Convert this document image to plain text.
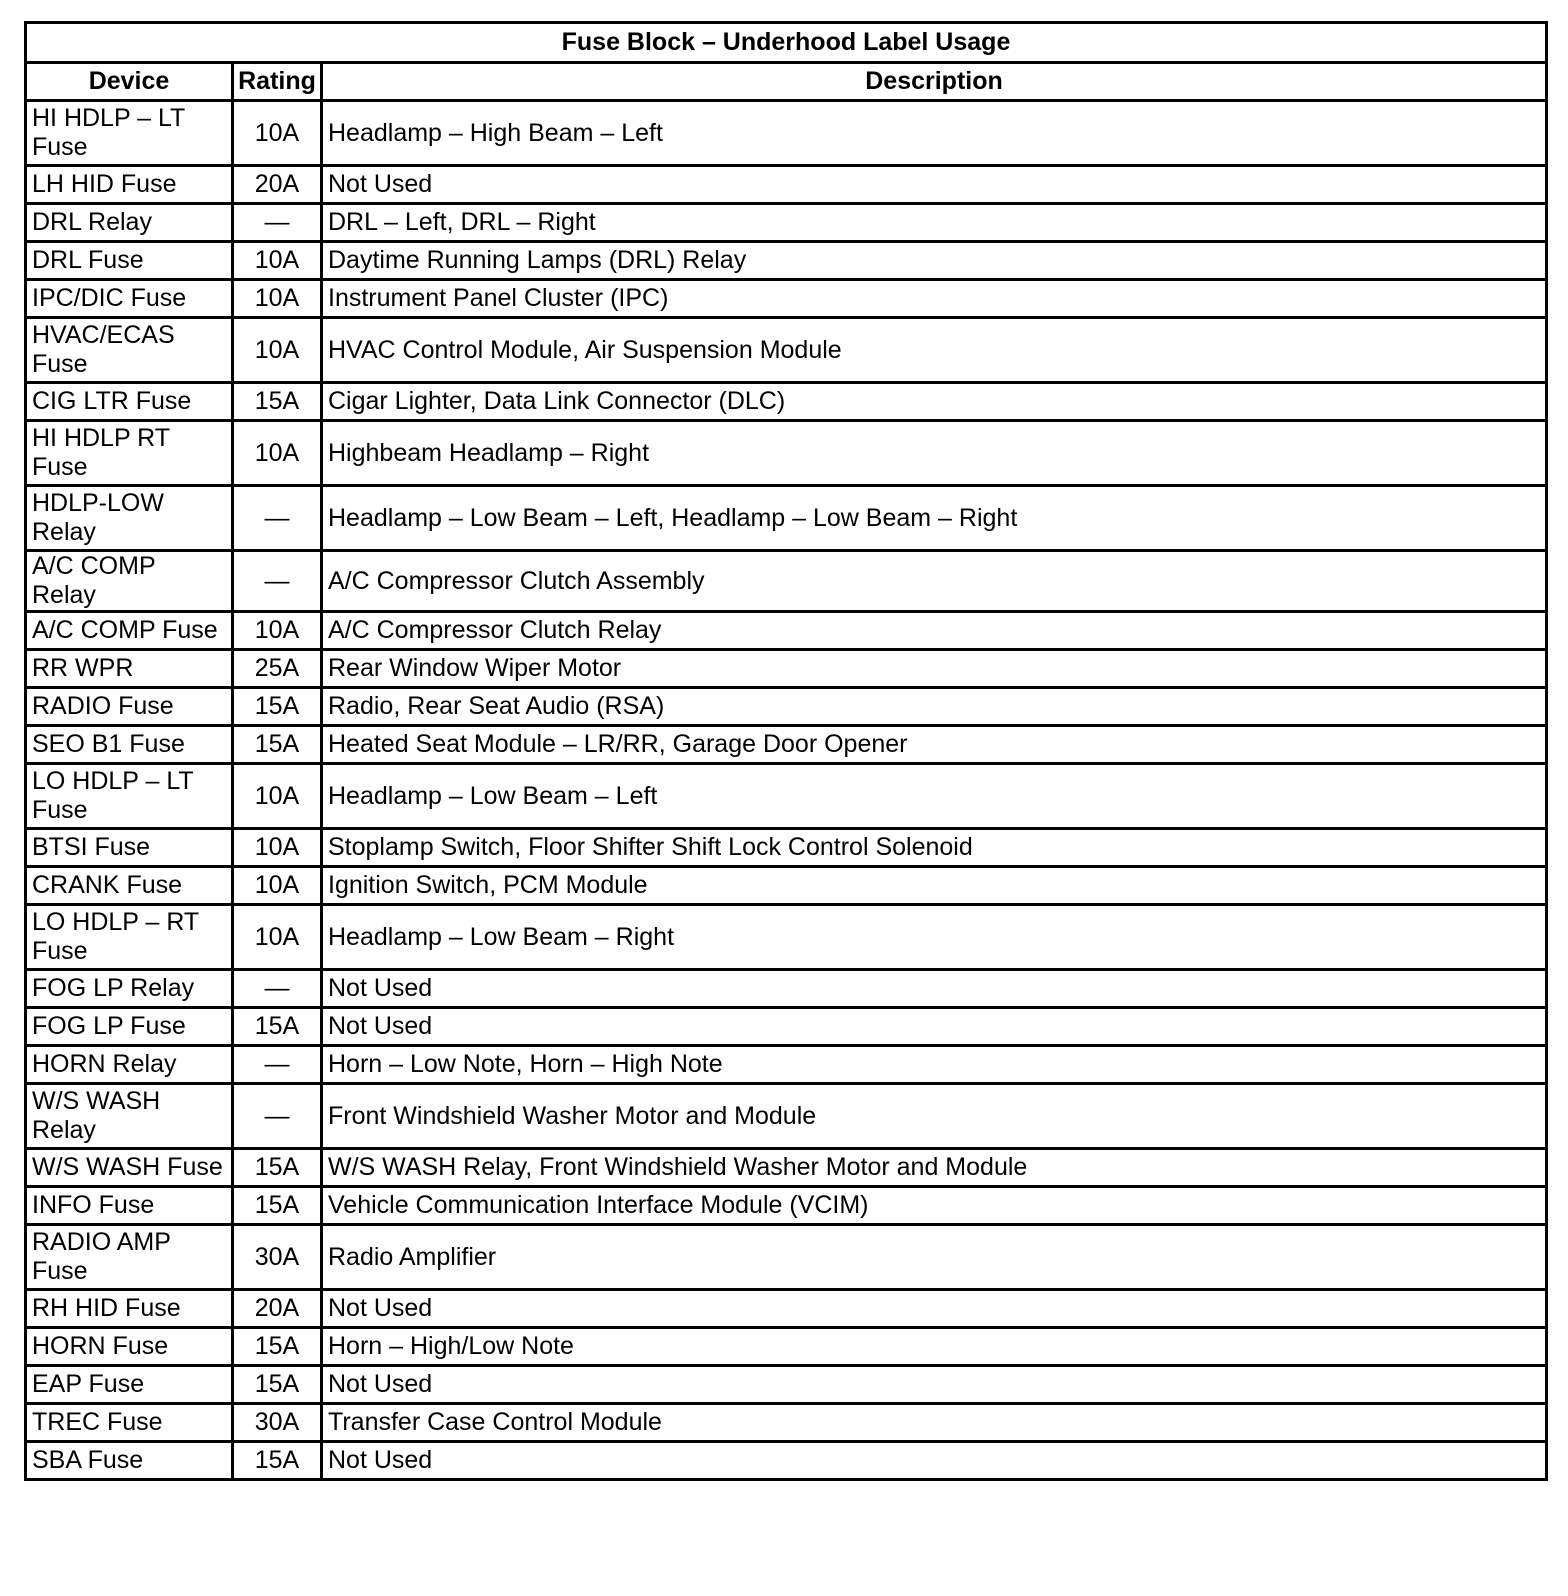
Fuse Block – Underhood Label Usage		
Device	Rating	Description
HI HDLP – LT Fuse	10A	Headlamp – High Beam – Left
LH HID Fuse	20A	Not Used
DRL Relay	—	DRL – Left, DRL – Right
DRL Fuse	10A	Daytime Running Lamps (DRL) Relay
IPC/DIC Fuse	10A	Instrument Panel Cluster (IPC)
HVAC/ECAS Fuse	10A	HVAC Control Module, Air Suspension Module
CIG LTR Fuse	15A	Cigar Lighter, Data Link Connector (DLC)
HI HDLP RT Fuse	10A	Highbeam Headlamp – Right
HDLP-LOW Relay	—	Headlamp – Low Beam – Left, Headlamp – Low Beam – Right
A/C COMP Relay	—	A/C Compressor Clutch Assembly
A/C COMP Fuse	10A	A/C Compressor Clutch Relay
RR WPR	25A	Rear Window Wiper Motor
RADIO Fuse	15A	Radio, Rear Seat Audio (RSA)
SEO B1 Fuse	15A	Heated Seat Module – LR/RR, Garage Door Opener
LO HDLP – LT Fuse	10A	Headlamp – Low Beam – Left
BTSI Fuse	10A	Stoplamp Switch, Floor Shifter Shift Lock Control Solenoid
CRANK Fuse	10A	Ignition Switch, PCM Module
LO HDLP – RT Fuse	10A	Headlamp – Low Beam – Right
FOG LP Relay	—	Not Used
FOG LP Fuse	15A	Not Used
HORN Relay	—	Horn – Low Note, Horn – High Note
W/S WASH Relay	—	Front Windshield Washer Motor and Module
W/S WASH Fuse	15A	W/S WASH Relay, Front Windshield Washer Motor and Module
INFO Fuse	15A	Vehicle Communication Interface Module (VCIM)
RADIO AMP Fuse	30A	Radio Amplifier
RH HID Fuse	20A	Not Used
HORN Fuse	15A	Horn – High/Low Note
EAP Fuse	15A	Not Used
TREC Fuse	30A	Transfer Case Control Module
SBA Fuse	15A	Not Used
